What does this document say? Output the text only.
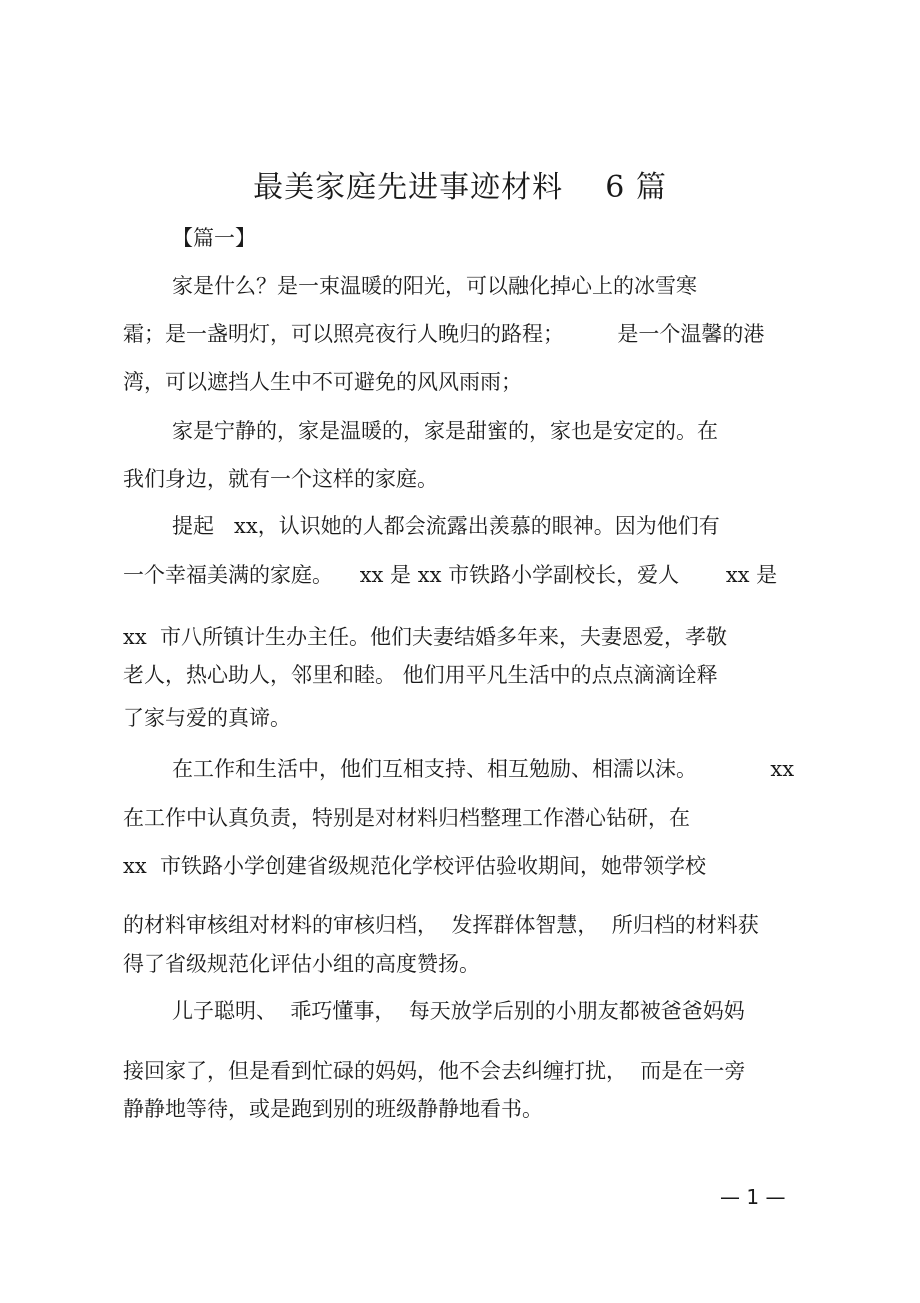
最美家庭先进事迹材料    6 篇
【篇一】
家是什么？是一束温暖的阳光，可以融化掉心上的冰雪寒
霜；是一盏明灯，可以照亮夜行人晚归的路程；        是一个温馨的港
湾，可以遮挡人生中不可避免的风风雨雨；
家是宁静的，家是温暖的，家是甜蜜的，家也是安定的。在
我们身边，就有一个这样的家庭。
提起   xx，认识她的人都会流露出羡慕的眼神。因为他们有
一个幸福美满的家庭。    xx 是 xx 市铁路小学副校长，爱人       xx 是
xx  市八所镇计生办主任。他们夫妻结婚多年来，夫妻恩爱，孝敬
老人，热心助人，邻里和睦。 他们用平凡生活中的点点滴滴诠释
了家与爱的真谛。
在工作和生活中，他们互相支持、相互勉励、相濡以沫。           xx
在工作中认真负责，特别是对材料归档整理工作潜心钻研，在
xx  市铁路小学创建省级规范化学校评估验收期间，她带领学校
的材料审核组对材料的审核归档，  发挥群体智慧，  所归档的材料获
得了省级规范化评估小组的高度赞扬。
儿子聪明、  乖巧懂事，  每天放学后别的小朋友都被爸爸妈妈
接回家了，但是看到忙碌的妈妈，他不会去纠缠打扰，  而是在一旁
静静地等待，或是跑到别的班级静静地看书。
— 1 —
